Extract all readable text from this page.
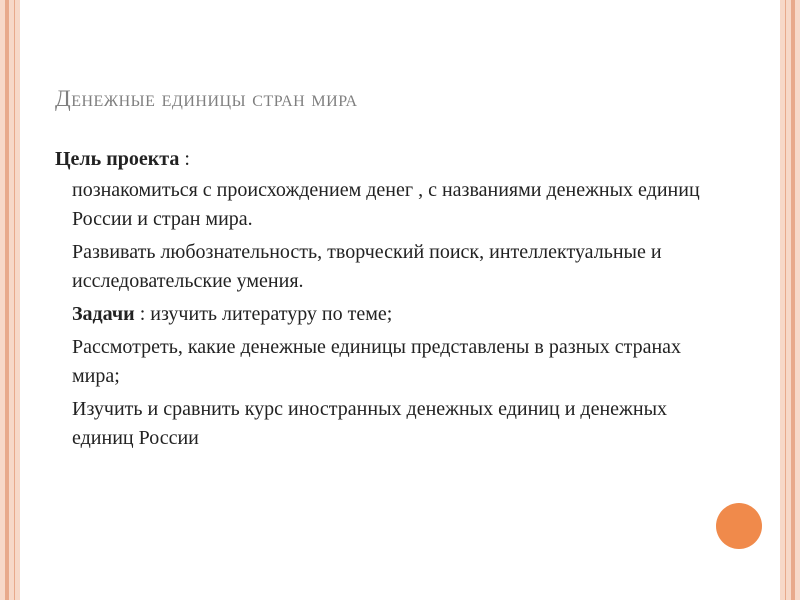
Денежные единицы стран мира
Цель проекта :
познакомиться с происхождением денег , с названиями денежных единиц России и стран мира.
Развивать любознательность, творческий поиск, интеллектуальные и исследовательские умения.
Задачи : изучить литературу по теме;
Рассмотреть, какие денежные единицы представлены в разных странах мира;
Изучить и сравнить курс иностранных денежных единиц и денежных единиц России
